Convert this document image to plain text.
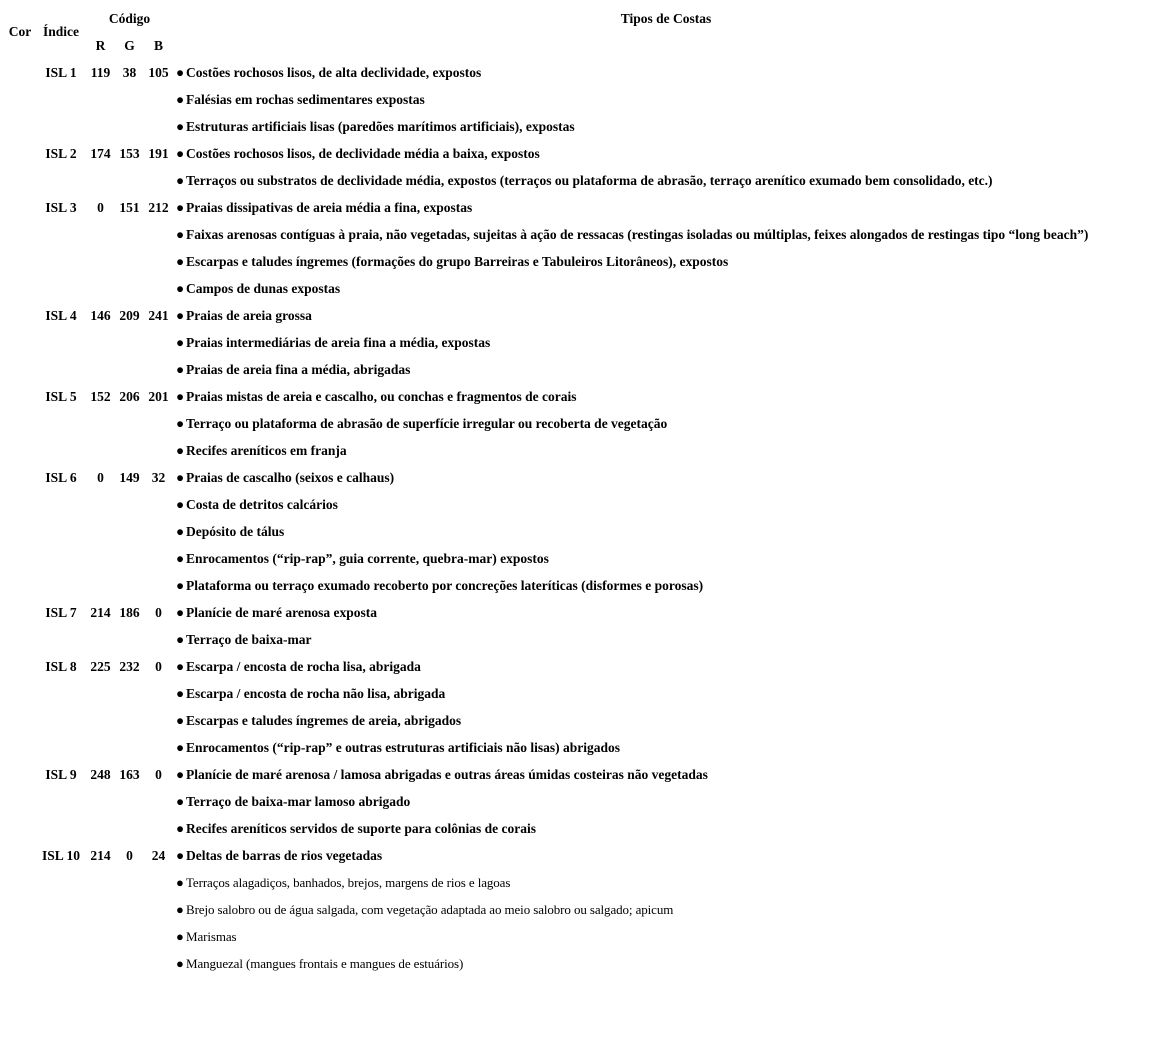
Cor	Índice	Código			Tipos de Costas
		R	G	B	
	ISL 1	119	38	105	● Costões rochosos lisos, de alta declividade, expostos
					● Falésias em rochas sedimentares expostas
					● Estruturas artificiais lisas (paredões marítimos artificiais), expostas
	ISL 2	174	153	191	● Costões rochosos lisos, de declividade média a baixa, expostos
					● Terraços ou substratos de declividade média, expostos (terraços ou plataforma de abrasão, terraço arenítico exumado bem consolidado, etc.)
	ISL 3	0	151	212	● Praias dissipativas de areia média a fina, expostas
					● Faixas arenosas contíguas à praia, não vegetadas, sujeitas à ação de ressacas (restingas isoladas ou múltiplas, feixes alongados de restingas tipo “long beach”)
					● Escarpas e taludes íngremes (formações do grupo Barreiras e Tabuleiros Litorâneos), expostos
					● Campos de dunas expostas
	ISL 4	146	209	241	● Praias de areia grossa
					● Praias intermediárias de areia fina a média, expostas
					● Praias de areia fina a média, abrigadas
	ISL 5	152	206	201	● Praias mistas de areia e cascalho, ou conchas e fragmentos de corais
					● Terraço ou plataforma de abrasão de superfície irregular ou recoberta de vegetação
					● Recifes areníticos em franja
	ISL 6	0	149	32	● Praias de cascalho (seixos e calhaus)
					● Costa de detritos calcários
					● Depósito de tálus
					● Enrocamentos (“rip-rap”, guia corrente, quebra-mar) expostos
					● Plataforma ou terraço exumado recoberto por concreções lateríticas (disformes e porosas)
	ISL 7	214	186	0	● Planície de maré arenosa exposta
					● Terraço de baixa-mar
	ISL 8	225	232	0	● Escarpa / encosta de rocha lisa, abrigada
					● Escarpa / encosta de rocha não lisa, abrigada
					● Escarpas e taludes íngremes de areia, abrigados
					● Enrocamentos (“rip-rap” e outras estruturas artificiais não lisas) abrigados
	ISL 9	248	163	0	● Planície de maré arenosa / lamosa abrigadas e outras áreas úmidas costeiras não vegetadas
					● Terraço de baixa-mar lamoso abrigado
					● Recifes areníticos servidos de suporte para colônias de corais
	ISL 10	214	0	24	● Deltas de barras de rios vegetadas
					● Terraços alagadiços, banhados, brejos, margens de rios e lagoas
					● Brejo salobro ou de água salgada, com vegetação adaptada ao meio salobro ou salgado; apicum
					● Marismas
					● Manguezal (mangues frontais e mangues de estuários)
